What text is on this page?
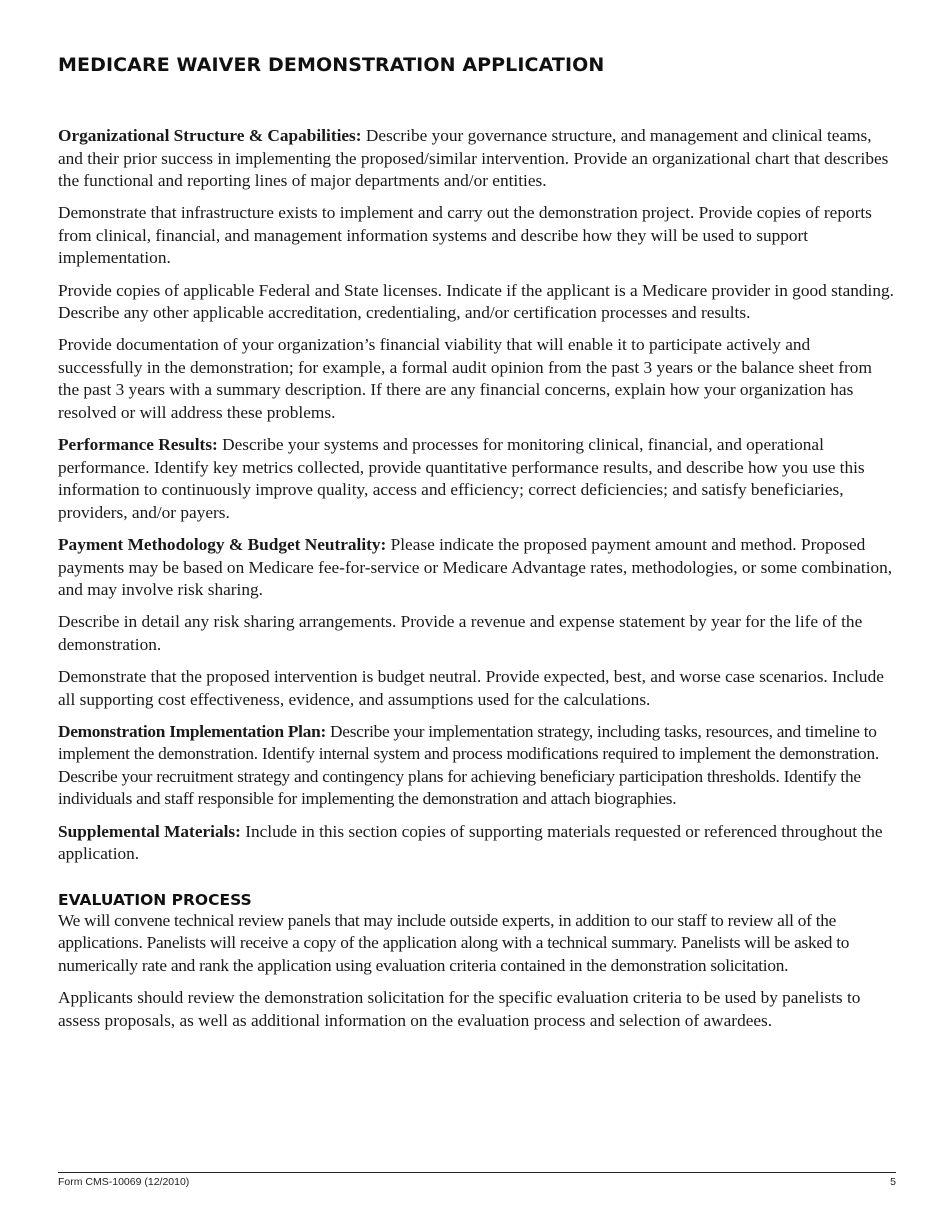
MEDICARE WAIVER DEMONSTRATION APPLICATION

Organizational Structure & Capabilities: Describe your governance structure, and management and clinical teams, and their prior success in implementing the proposed/similar intervention. Provide an organizational chart that describes the functional and reporting lines of major departments and/or entities.

Demonstrate that infrastructure exists to implement and carry out the demonstration project. Provide copies of reports from clinical, financial, and management information systems and describe how they will be used to support implementation.

Provide copies of applicable Federal and State licenses. Indicate if the applicant is a Medicare provider in good standing. Describe any other applicable accreditation, credentialing, and/or certification processes and results.

Provide documentation of your organization’s financial viability that will enable it to participate actively and successfully in the demonstration; for example, a formal audit opinion from the past 3 years or the balance sheet from the past 3 years with a summary description. If there are any financial concerns, explain how your organization has resolved or will address these problems.

Performance Results: Describe your systems and processes for monitoring clinical, financial, and operational performance. Identify key metrics collected, provide quantitative performance results, and describe how you use this information to continuously improve quality, access and efficiency; correct deficiencies; and satisfy beneficiaries, providers, and/or payers.

Payment Methodology & Budget Neutrality: Please indicate the proposed payment amount and method. Proposed payments may be based on Medicare fee-for-service or Medicare Advantage rates, methodologies, or some combination, and may involve risk sharing.

Describe in detail any risk sharing arrangements. Provide a revenue and expense statement by year for the life of the demonstration.

Demonstrate that the proposed intervention is budget neutral. Provide expected, best, and worse case scenarios. Include all supporting cost effectiveness, evidence, and assumptions used for the calculations.

Demonstration Implementation Plan: Describe your implementation strategy, including tasks, resources, and timeline to implement the demonstration. Identify internal system and process modifications required to implement the demonstration. Describe your recruitment strategy and contingency plans for achieving beneficiary participation thresholds. Identify the individuals and staff responsible for implementing the demonstration and attach biographies.

Supplemental Materials: Include in this section copies of supporting materials requested or referenced throughout the application.

EVALUATION PROCESS

We will convene technical review panels that may include outside experts, in addition to our staff to review all of the applications. Panelists will receive a copy of the application along with a technical summary. Panelists will be asked to numerically rate and rank the application using evaluation criteria contained in the demonstration solicitation.

Applicants should review the demonstration solicitation for the specific evaluation criteria to be used by panelists to assess proposals, as well as additional information on the evaluation process and selection of awardees.

Form CMS-10069 (12/2010)	5
